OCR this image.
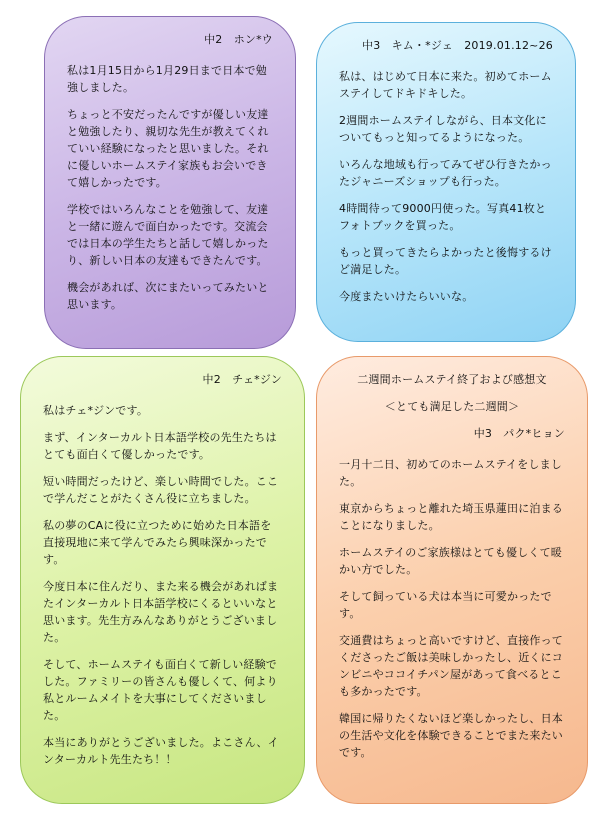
中2　ホン*ウ

私は1月15日から1月29日まで日本で勉強しました。

ちょっと不安だったんですが優しい友達と勉強したり、親切な先生が教えてくれていい経験になったと思いました。それに優しいホームステイ家族もお会いできて嬉しかったです。

学校ではいろんなことを勉強して、友達と一緒に遊んで面白かったです。交流会では日本の学生たちと話して嬉しかったり、新しい日本の友達もできたんです。

機会があれば、次にまたいってみたいと思います。

中3　キム・*ジェ　2019.01.12~26

私は、はじめて日本に来た。初めてホームステイしてドキドキした。

2週間ホームステイしながら、日本文化についてもっと知ってるようになった。

いろんな地域も行ってみてぜひ行きたかったジャニーズショップも行った。

4時間待って9000円使った。写真41枚とフォトブックを買った。

もっと買ってきたらよかったと後悔するけど満足した。

今度またいけたらいいな。

中2　チェ*ジン

私はチェ*ジンです。

まず、インターカルト日本語学校の先生たちはとても面白くて優しかったです。

短い時間だったけど、楽しい時間でした。ここで学んだことがたくさん役に立ちました。

私の夢のCAに役に立つために始めた日本語を直接現地に来て学んでみたら興味深かったです。

今度日本に住んだり、また来る機会があればまたインターカルト日本語学校にくるといいなと思います。先生方みんなありがとうございました。

そして、ホームステイも面白くて新しい経験でした。ファミリーの皆さんも優しくて、何より私とルームメイトを大事にしてくださいました。

本当にありがとうございました。よこさん、インターカルト先生たち！！

二週間ホームステイ終了および感想文

＜とても満足した二週間＞

中3　パク*ヒョン

一月十二日、初めてのホームステイをしました。

東京からちょっと離れた埼玉県蓮田に泊まることになりました。

ホームステイのご家族様はとても優しくて暖かい方でした。

そして飼っている犬は本当に可愛かったです。

交通費はちょっと高いですけど、直接作ってくださったご飯は美味しかったし、近くにコンビニやココイチパン屋があって食べるとこも多かったです。

韓国に帰りたくないほど楽しかったし、日本の生活や文化を体験できることでまた来たいです。
